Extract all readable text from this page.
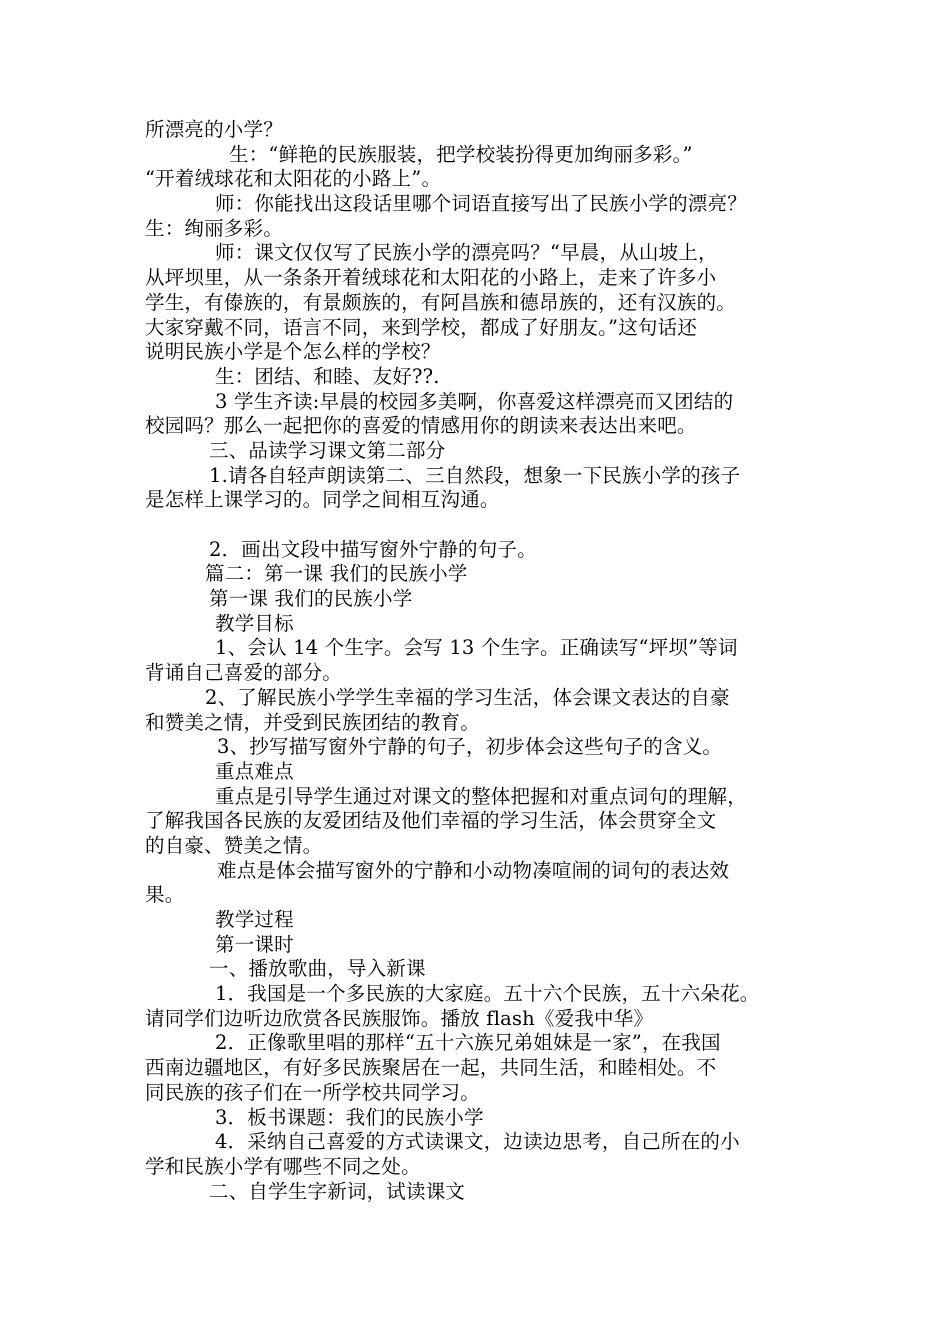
所漂亮的小学？
生：“鲜艳的民族服装，把学校装扮得更加绚丽多彩。”
“开着绒球花和太阳花的小路上”。
师：你能找出这段话里哪个词语直接写出了民族小学的漂亮？
生：绚丽多彩。
师：课文仅仅写了民族小学的漂亮吗？“早晨，从山坡上，
从坪坝里，从一条条开着绒球花和太阳花的小路上，走来了许多小
学生，有傣族的，有景颇族的，有阿昌族和德昂族的，还有汉族的。
大家穿戴不同，语言不同，来到学校，都成了好朋友。”这句话还
说明民族小学是个怎么样的学校？
生：团结、和睦、友好??.
3 学生齐读:早晨的校园多美啊，你喜爱这样漂亮而又团结的
校园吗？那么一起把你的喜爱的情感用你的朗读来表达出来吧。
三、品读学习课文第二部分
1.请各自轻声朗读第二、三自然段，想象一下民族小学的孩子
是怎样上课学习的。同学之间相互沟通。
2．画出文段中描写窗外宁静的句子。
篇二：第一课 我们的民族小学
第一课 我们的民族小学
教学目标
1、会认 14 个生字。会写 13 个生字。正确读写“坪坝”等词
背诵自己喜爱的部分。
2、了解民族小学学生幸福的学习生活，体会课文表达的自豪
和赞美之情，并受到民族团结的教育。
3、抄写描写窗外宁静的句子，初步体会这些句子的含义。
重点难点
重点是引导学生通过对课文的整体把握和对重点词句的理解，
了解我国各民族的友爱团结及他们幸福的学习生活，体会贯穿全文
的自豪、赞美之情。
难点是体会描写窗外的宁静和小动物凑喧闹的词句的表达效
果。
教学过程
第一课时
一、播放歌曲，导入新课
1．我国是一个多民族的大家庭。五十六个民族，五十六朵花。
请同学们边听边欣赏各民族服饰。播放 flash《爱我中华》
2．正像歌里唱的那样“五十六族兄弟姐妹是一家”，在我国
西南边疆地区，有好多民族聚居在一起，共同生活，和睦相处。不
同民族的孩子们在一所学校共同学习。
3．板书课题：我们的民族小学
4．采纳自己喜爱的方式读课文，边读边思考，自己所在的小
学和民族小学有哪些不同之处。
二、自学生字新词，试读课文
